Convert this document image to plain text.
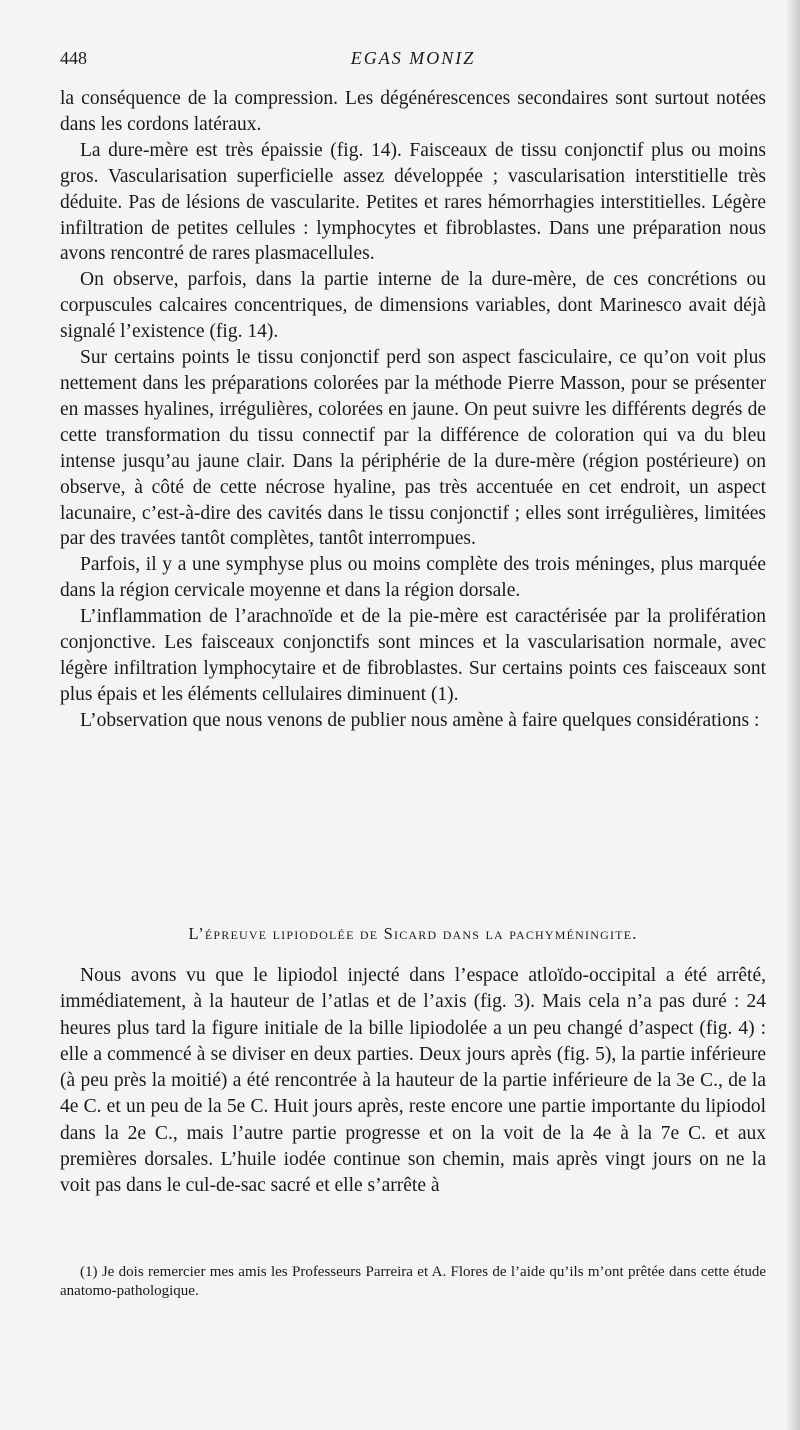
448	EGAS MONIZ

la conséquence de la compression. Les dégénérescences secondaires sont surtout notées dans les cordons latéraux.

La dure-mère est très épaissie (fig. 14). Faisceaux de tissu conjonctif plus ou moins gros. Vascularisation superficielle assez développée ; vascularisation interstitielle très déduite. Pas de lésions de vascularite. Petites et rares hémorrhagies interstitielles. Légère infiltration de petites cellules : lymphocytes et fibroblastes. Dans une préparation nous avons rencontré de rares plasmacellules.

On observe, parfois, dans la partie interne de la dure-mère, de ces concrétions ou corpuscules calcaires concentriques, de dimensions variables, dont Marinesco avait déjà signalé l’existence (fig. 14).

Sur certains points le tissu conjonctif perd son aspect fasciculaire, ce qu’on voit plus nettement dans les préparations colorées par la méthode Pierre Masson, pour se présenter en masses hyalines, irrégulières, colorées en jaune. On peut suivre les différents degrés de cette transformation du tissu connectif par la différence de coloration qui va du bleu intense jusqu’au jaune clair. Dans la périphérie de la dure-mère (région postérieure) on observe, à côté de cette nécrose hyaline, pas très accentuée en cet endroit, un aspect lacunaire, c’est-à-dire des cavités dans le tissu conjonctif ; elles sont irrégulières, limitées par des travées tantôt complètes, tantôt interrompues.

Parfois, il y a une symphyse plus ou moins complète des trois méninges, plus marquée dans la région cervicale moyenne et dans la région dorsale.

L’inflammation de l’arachnoïde et de la pie-mère est caractérisée par la prolifération conjonctive. Les faisceaux conjonctifs sont minces et la vascularisation normale, avec légère infiltration lymphocytaire et de fibroblastes. Sur certains points ces faisceaux sont plus épais et les éléments cellulaires diminuent (1).

L’observation que nous venons de publier nous amène à faire quelques considérations :

L’épreuve lipiodolée de Sicard dans la pachyméningite.

Nous avons vu que le lipiodol injecté dans l’espace atloïdo-occipital a été arrêté, immédiatement, à la hauteur de l’atlas et de l’axis (fig. 3). Mais cela n’a pas duré : 24 heures plus tard la figure initiale de la bille lipiodolée a un peu changé d’aspect (fig. 4) : elle a commencé à se diviser en deux parties. Deux jours après (fig. 5), la partie inférieure (à peu près la moitié) a été rencontrée à la hauteur de la partie inférieure de la 3e C., de la 4e C. et un peu de la 5e C. Huit jours après, reste encore une partie importante du lipiodol dans la 2e C., mais l’autre partie progresse et on la voit de la 4e à la 7e C. et aux premières dorsales. L’huile iodée continue son chemin, mais après vingt jours on ne la voit pas dans le cul-de-sac sacré et elle s’arrête à

(1) Je dois remercier mes amis les Professeurs Parreira et A. Flores de l’aide qu’ils m’ont prêtée dans cette étude anatomo-pathologique.
